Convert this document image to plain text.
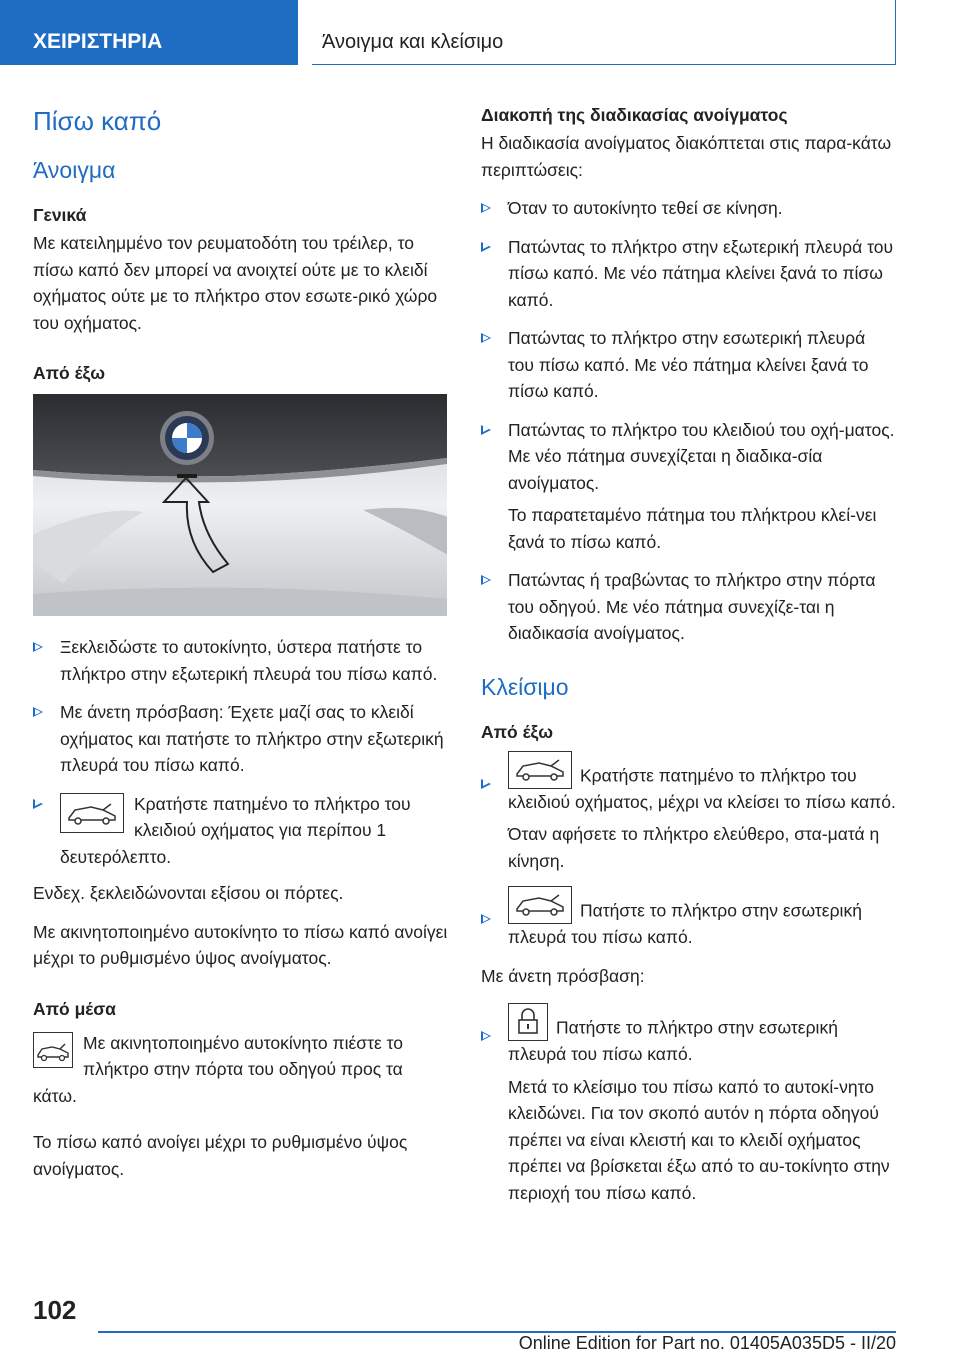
ΧΕΙΡΙΣΤΗΡΙΑ	Άνοιγμα και κλείσιμο
Πίσω καπό
Άνοιγμα
Γενικά

Με κατειλημμένο τον ρευματοδότη του τρέιλερ, το πίσω καπό δεν μπορεί να ανοιχτεί ούτε με το κλειδί οχήματος ούτε με το πλήκτρο στον εσωτε-ρικό χώρο του οχήματος.

Από έξω
Ξεκλειδώστε το αυτοκίνητο, ύστερα πατήστε το πλήκτρο στην εξωτερική πλευρά του πίσω καπό.
Με άνετη πρόσβαση: Έχετε μαζί σας το κλειδί οχήματος και πατήστε το πλήκτρο στην εξωτερική πλευρά του πίσω καπό.
Κρατήστε πατημένο το πλήκτρο του κλειδιού οχήματος για περίπου 1 δευτερόλεπτο.

Ενδεχ. ξεκλειδώνονται εξίσου οι πόρτες.

Με ακινητοποιημένο αυτοκίνητο το πίσω καπό ανοίγει μέχρι το ρυθμισμένο ύψος ανοίγματος.

Από μέσα

Με ακινητοποιημένο αυτοκίνητο πιέστε το πλήκτρο στην πόρτα του οδηγού προς τα κάτω.

Το πίσω καπό ανοίγει μέχρι το ρυθμισμένο ύψος ανοίγματος.

Διακοπή της διαδικασίας ανοίγματος

Η διαδικασία ανοίγματος διακόπτεται στις παρα-κάτω περιπτώσεις:

Όταν το αυτοκίνητο τεθεί σε κίνηση.
Πατώντας το πλήκτρο στην εξωτερική πλευρά του πίσω καπό. Με νέο πάτημα κλείνει ξανά το πίσω καπό.
Πατώντας το πλήκτρο στην εσωτερική πλευρά του πίσω καπό. Με νέο πάτημα κλείνει ξανά το πίσω καπό.
Πατώντας το πλήκτρο του κλειδιού του οχή-ματος. Με νέο πάτημα συνεχίζεται η διαδικα-σία ανοίγματος.
Το παρατεταμένο πάτημα του πλήκτρου κλεί-νει ξανά το πίσω καπό.
Πατώντας ή τραβώντας το πλήκτρο στην πόρτα του οδηγού. Με νέο πάτημα συνεχίζε-ται η διαδικασία ανοίγματος.
Κλείσιμο
Από έξω
Κρατήστε πατημένο το πλήκτρο του κλειδιού οχήματος, μέχρι να κλείσει το πίσω καπό.
Όταν αφήσετε το πλήκτρο ελεύθερο, στα-ματά η κίνηση.
Πατήστε το πλήκτρο στην εσωτερική πλευρά του πίσω καπό.

Με άνετη πρόσβαση:

Πατήστε το πλήκτρο στην εσωτερική πλευρά του πίσω καπό.
Μετά το κλείσιμο του πίσω καπό το αυτοκί-νητο κλειδώνει. Για τον σκοπό αυτόν η πόρτα οδηγού πρέπει να είναι κλειστή και το κλειδί οχήματος πρέπει να βρίσκεται έξω από το αυ-τοκίνητο στην περιοχή του πίσω καπό.
102
Online Edition for Part no. 01405A035D5 - II/20
